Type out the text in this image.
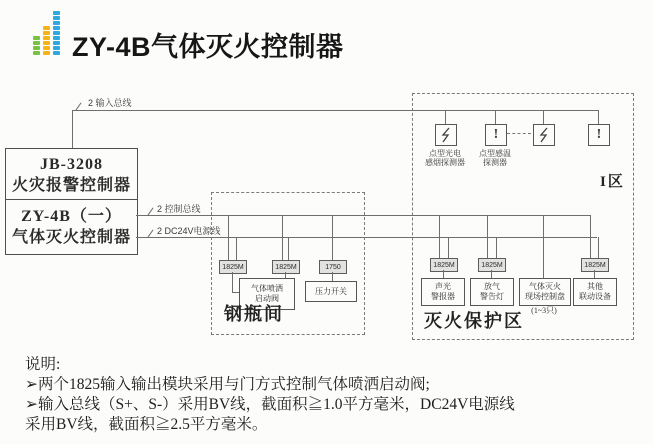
ZY-4B气体灭火控制器
2 输入总线
!	!
点型光电
感烟探测器
点型感温
探测器
I区
JB-3208
火灾报警控制器
ZY-4B（一）
气体灭火控制器
2 控制总线
2 DC24V电源线
1825M	1825M	1750	1825M	1825M	1825M
气体喷洒
启动阀
压力开关
钢瓶间
声光
警报器
放气
警告灯
气体灭火
现场控制盘
(1~3只)
其他
联动设备
灭火保护区
说明:
➢两个1825输入输出模块采用与门方式控制气体喷洒启动阀;
➢输入总线（S+、S-）采用BV线，截面积≧1.0平方毫米，DC24V电源线
采用BV线，截面积≧2.5平方毫米。
